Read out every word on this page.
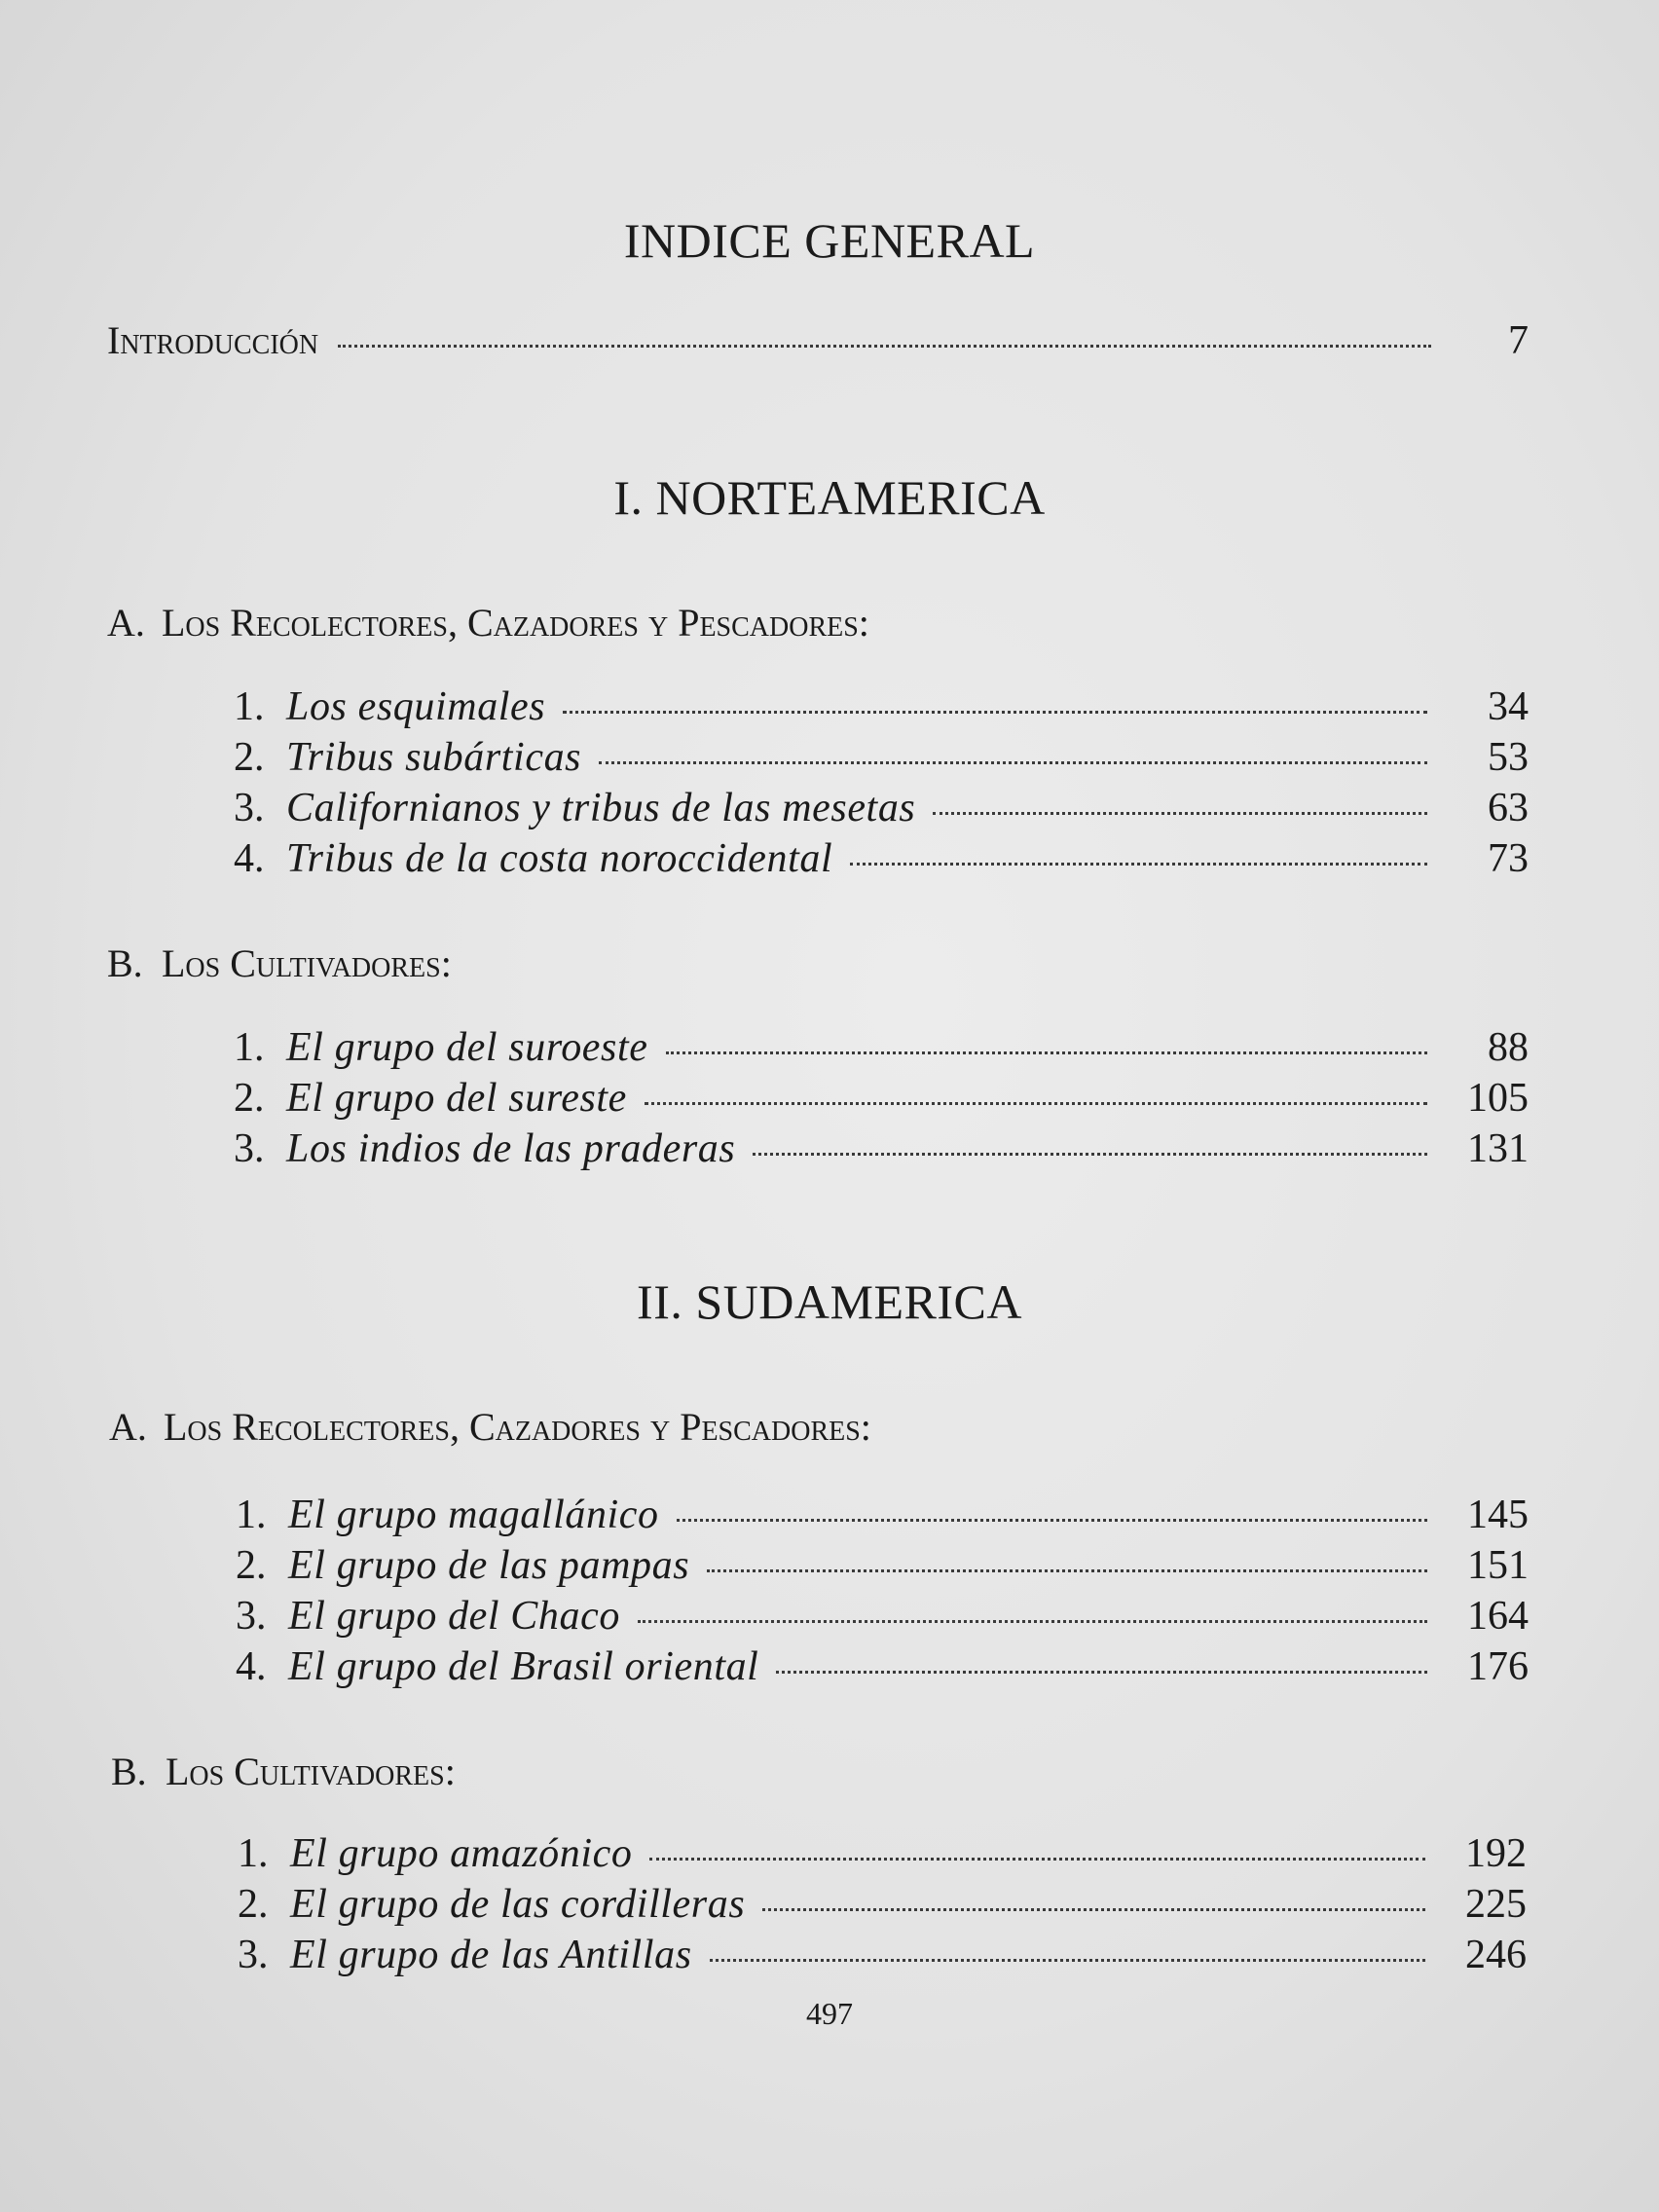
INDICE GENERAL
Introducción	7
I. NORTEAMERICA
A. Los Recolectores, Cazadores y Pescadores:
1. Los esquimales	34
2. Tribus subárticas	53
3. Californianos y tribus de las mesetas	63
4. Tribus de la costa noroccidental	73
B. Los Cultivadores:
1. El grupo del suroeste	88
2. El grupo del sureste	105
3. Los indios de las praderas	131
II. SUDAMERICA
A. Los Recolectores, Cazadores y Pescadores:
1. El grupo magallánico	145
2. El grupo de las pampas	151
3. El grupo del Chaco	164
4. El grupo del Brasil oriental	176
B. Los Cultivadores:
1. El grupo amazónico	192
2. El grupo de las cordilleras	225
3. El grupo de las Antillas	246
497
